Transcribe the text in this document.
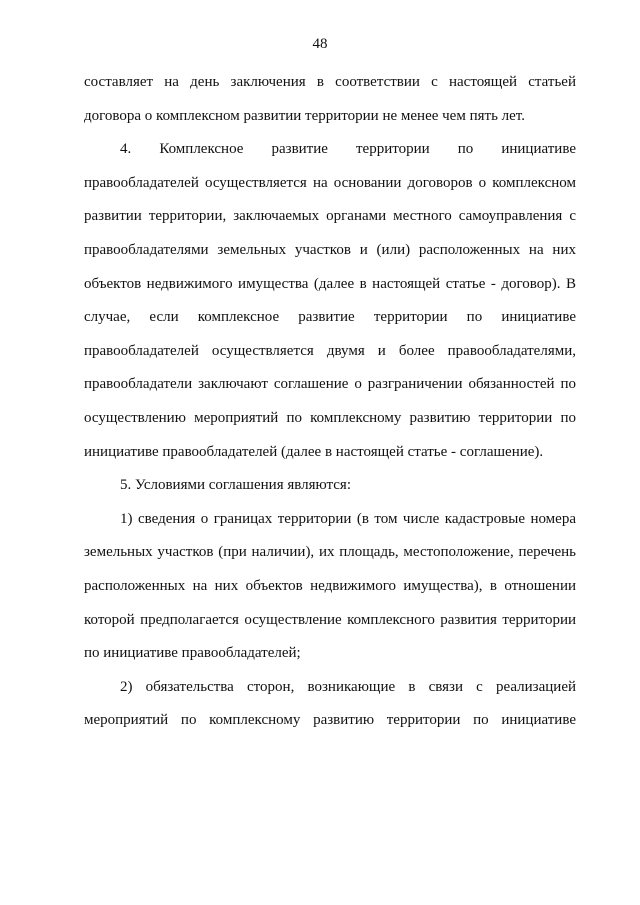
48
составляет на день заключения в соответствии с настоящей статьей
договора о комплексном развитии территории не менее чем пять лет.
4. Комплексное развитие территории по инициативе
правообладателей осуществляется на основании договоров о комплексном
развитии территории, заключаемых органами местного самоуправления с
правообладателями земельных участков и (или) расположенных на них
объектов недвижимого имущества (далее в настоящей статье - договор). В
случае, если комплексное развитие территории по инициативе
правообладателей осуществляется двумя и более правообладателями,
правообладатели заключают соглашение о разграничении обязанностей по
осуществлению мероприятий по комплексному развитию территории по
инициативе правообладателей (далее в настоящей статье - соглашение).
5. Условиями соглашения являются:
1) сведения о границах территории (в том числе кадастровые номера
земельных участков (при наличии), их площадь, местоположение, перечень
расположенных на них объектов недвижимого имущества), в отношении
которой предполагается осуществление комплексного развития территории
по инициативе правообладателей;
2) обязательства сторон, возникающие в связи с реализацией
мероприятий по комплексному развитию территории по инициативе
